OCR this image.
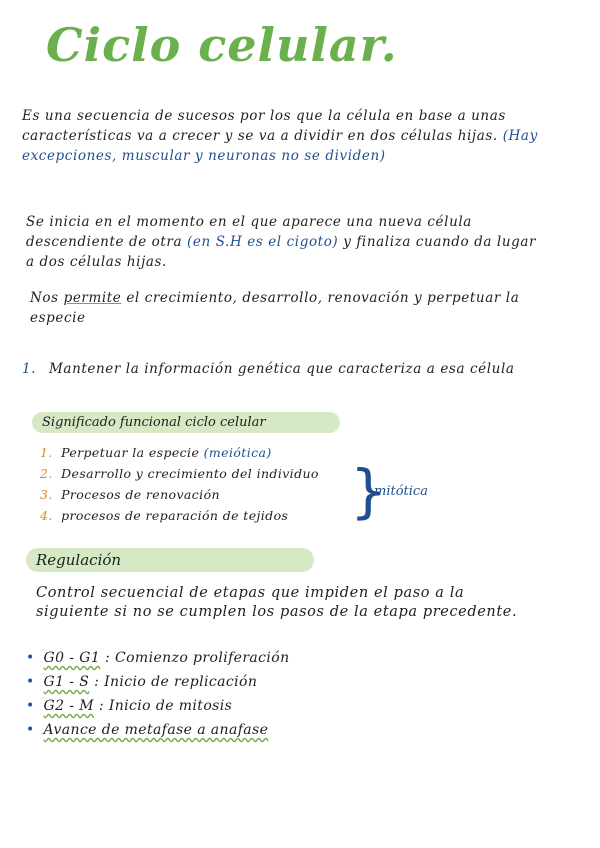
Ciclo celular.
Es una secuencia de sucesos por los que la célula en base a unas características va a crecer y se va a dividir en dos células hijas. (Hay excepciones, muscular y neuronas no se dividen)
Se inicia en el momento en el que aparece una nueva célula descendiente de otra (en S.H es el cigoto) y finaliza cuando da lugar a dos células hijas.
Nos permite el crecimiento, desarrollo, renovación y perpetuar la especie
1. Mantener la información genética que caracteriza a esa célula
Significado funcional ciclo celular
1. Perpetuar la especie (meiótica)
2. Desarrollo y crecimiento del individuo
3. Procesos de renovación
4. procesos de reparación de tejidos	}
mitótica
Regulación
Control secuencial de etapas que impiden el paso a la siguiente si no se cumplen los pasos de la etapa precedente.
• G0 - G1 : Comienzo proliferación
• G1 - S : Inicio de replicación
• G2 - M : Inicio de mitosis
• Avance de metafase a anafase
